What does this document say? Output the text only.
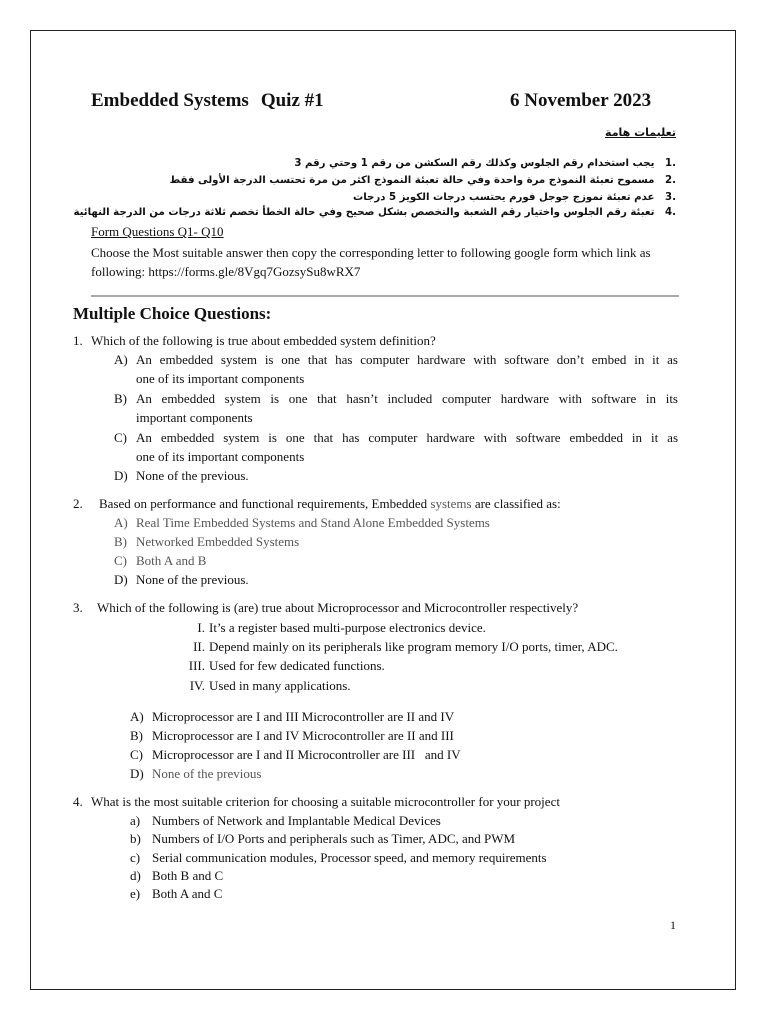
Embedded Systems Quiz #1	6 November 2023
تعليمات هامة
.1 يجب استخدام رقم الجلوس وكذلك رقم السكشن من رقم 1 وحتي رقم 3
.2 مسموح تعبئة النموذج مرة واحدة وفي حالة تعبئة النموذج اكثر من مرة تحتسب الدرجة الأولى فقط
.3 عدم تعبئة نموزج جوجل فورم يحتسب درجات الكويز 5 درجات
.4 تعبئة رقم الجلوس واختيار رقم الشعبة والتخصص بشكل صحيح وفي حالة الخطأ تخصم ثلاثة درجات من الدرجة النهائية
Form Questions Q1- Q10
Choose the Most suitable answer then copy the corresponding letter to following google form which link as following: https://forms.gle/8Vgq7GozsySu8wRX7
Multiple Choice Questions:
1. Which of the following is true about embedded system definition?
A) An embedded system is one that has computer hardware with software don’t embed in it as
one of its important components
B) An embedded system is one that hasn’t included computer hardware with software in its
important components
C) An embedded system is one that has computer hardware with software embedded in it as
one of its important components
D) None of the previous.
2. Based on performance and functional requirements, Embedded systems are classified as:
A) Real Time Embedded Systems and Stand Alone Embedded Systems
B) Networked Embedded Systems
C) Both A and B
D) None of the previous.
3. Which of the following is (are) true about Microprocessor and Microcontroller respectively?
I. It’s a register based multi-purpose electronics device.
II. Depend mainly on its peripherals like program memory I/O ports, timer, ADC.
III. Used for few dedicated functions.
IV. Used in many applications.
A) Microprocessor are I and III Microcontroller are II and IV
B) Microprocessor are I and IV Microcontroller are II and III
C) Microprocessor are I and II Microcontroller are III   and IV
D) None of the previous
4. What is the most suitable criterion for choosing a suitable microcontroller for your project
a) Numbers of Network and Implantable Medical Devices
b) Numbers of I/O Ports and peripherals such as Timer, ADC, and PWM
c) Serial communication modules, Processor speed, and memory requirements
d) Both B and C
e) Both A and C
1
